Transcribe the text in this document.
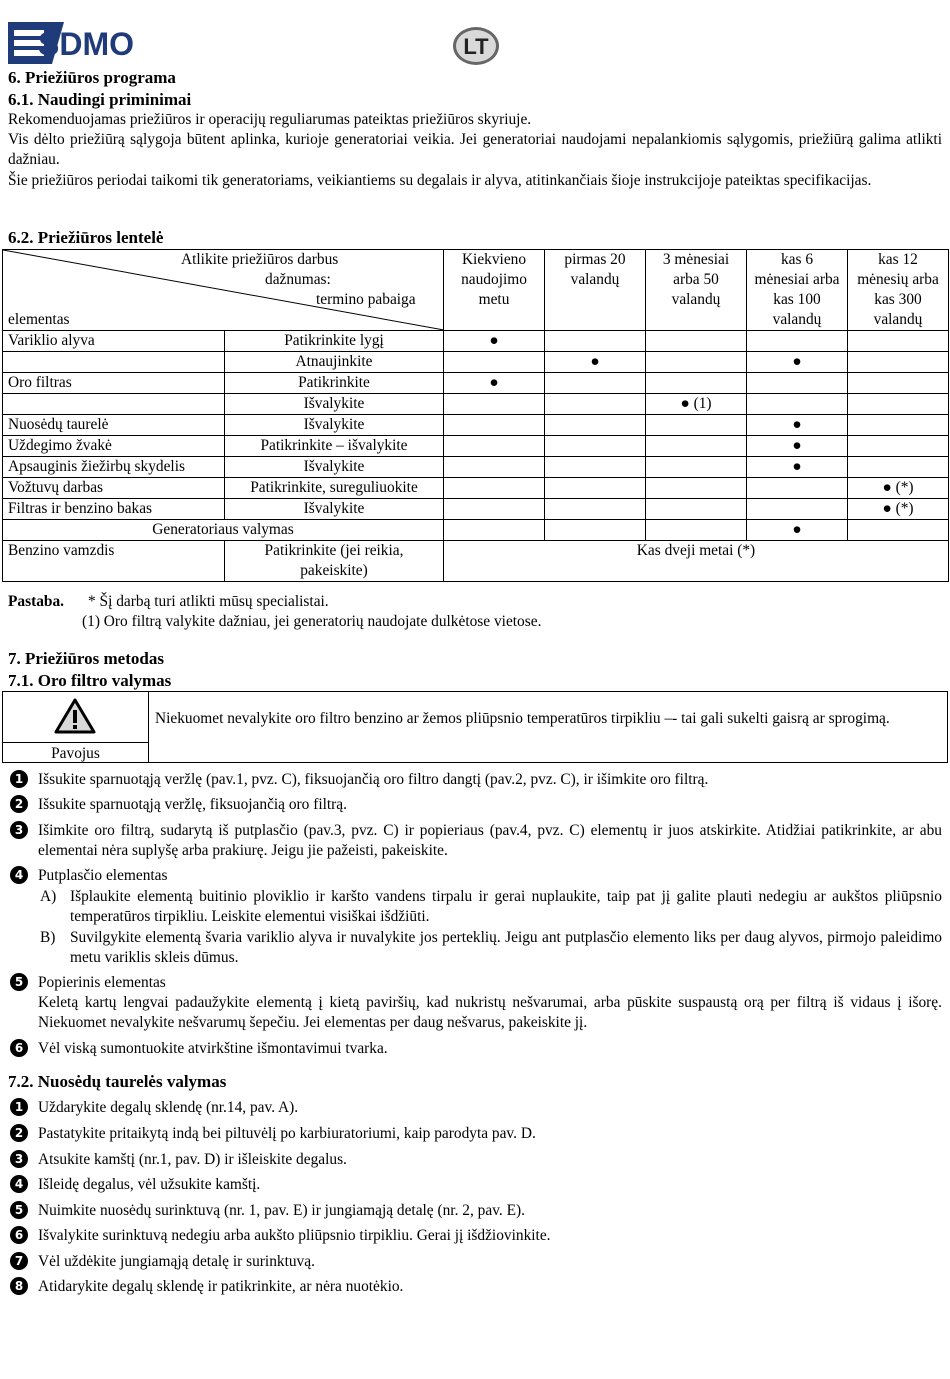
SDMO	LT
6. Priežiūros programa
6.1. Naudingi priminimai
Rekomenduojamas priežiūros ir operacijų reguliarumas pateiktas priežiūros skyriuje.
Vis dėlto priežiūrą sąlygoja būtent aplinka, kurioje generatoriai veikia. Jei generatoriai naudojami nepalankiomis sąlygomis, priežiūrą galima atlikti dažniau.
Šie priežiūros periodai taikomi tik generatoriams, veikiantiems su degalais ir alyva, atitinkančiais šioje instrukcijoje pateiktas specifikacijas.
6.2. Priežiūros lentelė
Atlikite priežiūros darbus
dažnumas:
termino pabaiga
elementas		Kiekvieno naudojimo metu	pirmas 20 valandų	3 mėnesiai arba 50 valandų	kas 6 mėnesiai arba kas 100 valandų	kas 12 mėnesių arba kas 300 valandų
Variklio alyva	Patikrinkite lygį	●				
	Atnaujinkite		●		●	
Oro filtras	Patikrinkite	●				
	Išvalykite			● (1)		
Nuosėdų taurelė	Išvalykite				●	
Uždegimo žvakė	Patikrinkite – išvalykite				●	
Apsauginis žiežirbų skydelis	Išvalykite				●	
Vožtuvų darbas	Patikrinkite, sureguliuokite					● (*)
Filtras ir benzino bakas	Išvalykite					● (*)
Generatoriaus valymas					●	
Benzino vamzdis	Patikrinkite (jei reikia, pakeiskite)	Kas dveji metai (*)				
Pastaba. * Šį darbą turi atlikti mūsų specialistai.
(1) Oro filtrą valykite dažniau, jei generatorių naudojate dulkėtose vietose.
7. Priežiūros metodas
7.1. Oro filtro valymas
Pavojus
Niekuomet nevalykite oro filtro benzino ar žemos pliūpsnio temperatūros tirpikliu –- tai gali sukelti gaisrą ar sprogimą.
1 Išsukite sparnuotąją veržlę (pav.1, pvz. C), fiksuojančią oro filtro dangtį (pav.2, pvz. C), ir išimkite oro filtrą.
2 Išsukite sparnuotąją veržlę, fiksuojančią oro filtrą.
3 Išimkite oro filtrą, sudarytą iš putplasčio (pav.3, pvz. C) ir popieriaus (pav.4, pvz. C) elementų ir juos atskirkite. Atidžiai patikrinkite, ar abu elementai nėra suplyšę arba prakiurę. Jeigu jie pažeisti, pakeiskite.
4 Putplasčio elementas
A) Išplaukite elementą buitinio ploviklio ir karšto vandens tirpalu ir gerai nuplaukite, taip pat jį galite plauti nedegiu ar aukštos pliūpsnio temperatūros tirpikliu. Leiskite elementui visiškai išdžiūti.
B) Suvilgykite elementą švaria variklio alyva ir nuvalykite jos perteklių. Jeigu ant putplasčio elemento liks per daug alyvos, pirmojo paleidimo metu variklis skleis dūmus.
5 Popierinis elementas
Keletą kartų lengvai padaužykite elementą į kietą paviršių, kad nukristų nešvarumai, arba pūskite suspaustą orą per filtrą iš vidaus į išorę. Niekuomet nevalykite nešvarumų šepečiu. Jei elementas per daug nešvarus, pakeiskite jį.
6 Vėl viską sumontuokite atvirkštine išmontavimui tvarka.
7.2. Nuosėdų taurelės valymas
1 Uždarykite degalų sklendę (nr.14, pav. A).
2 Pastatykite pritaikytą indą bei piltuvėlį po karbiuratoriumi, kaip parodyta pav. D.
3 Atsukite kamštį (nr.1, pav. D) ir išleiskite degalus.
4 Išleidę degalus, vėl užsukite kamštį.
5 Nuimkite nuosėdų surinktuvą (nr. 1, pav. E) ir jungiamąją detalę (nr. 2, pav. E).
6 Išvalykite surinktuvą nedegiu arba aukšto pliūpsnio tirpikliu. Gerai jį išdžiovinkite.
7 Vėl uždėkite jungiamąją detalę ir surinktuvą.
8 Atidarykite degalų sklendę ir patikrinkite, ar nėra nuotėkio.
